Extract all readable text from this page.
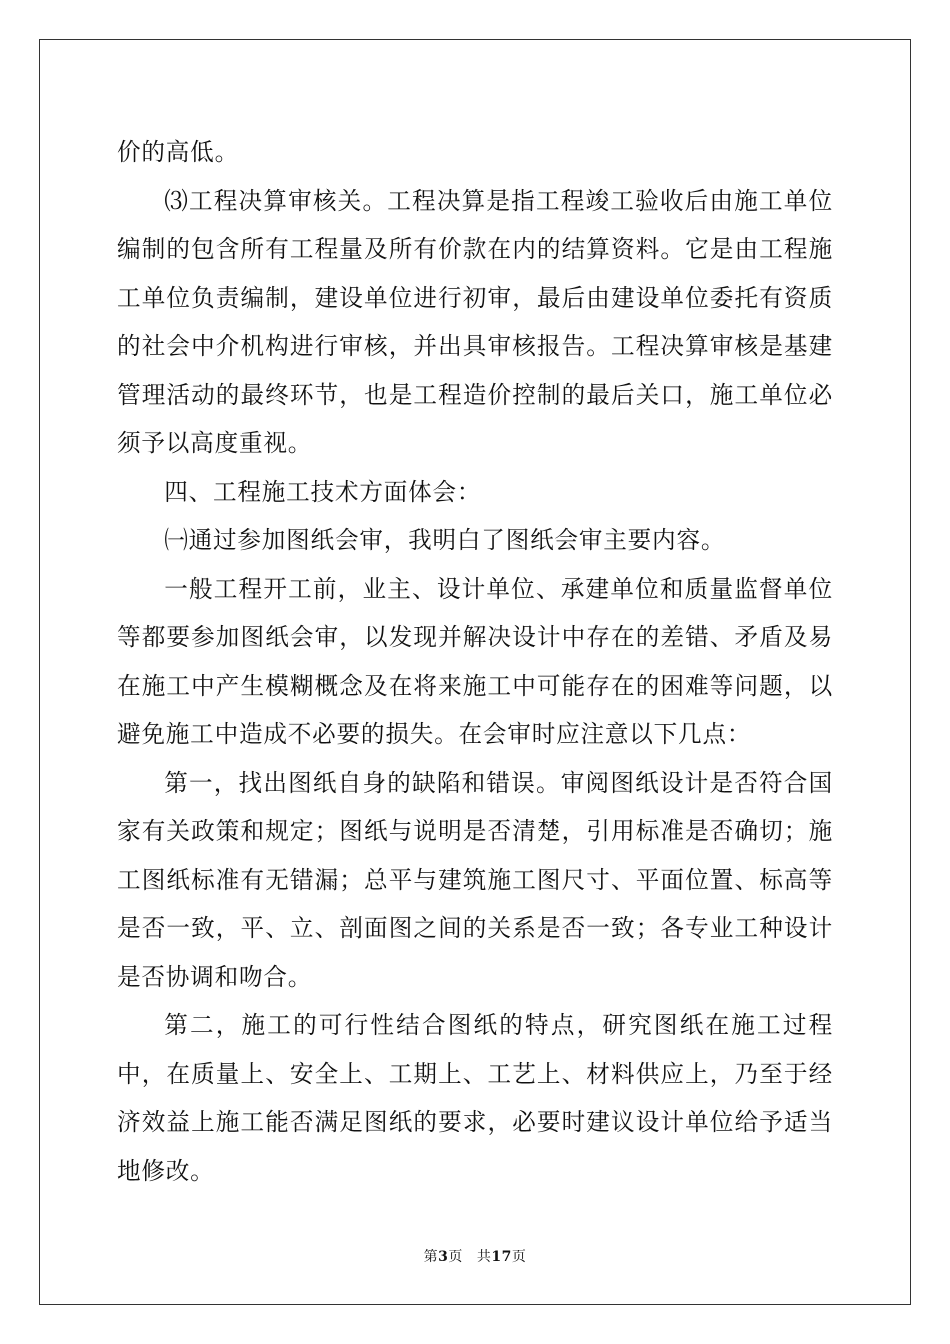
价的高低。

⑶工程决算审核关。工程决算是指工程竣工验收后由施工单位编制的包含所有工程量及所有价款在内的结算资料。它是由工程施工单位负责编制，建设单位进行初审，最后由建设单位委托有资质的社会中介机构进行审核，并出具审核报告。工程决算审核是基建管理活动的最终环节，也是工程造价控制的最后关口，施工单位必须予以高度重视。

四、工程施工技术方面体会：

㈠通过参加图纸会审，我明白了图纸会审主要内容。

一般工程开工前，业主、设计单位、承建单位和质量监督单位等都要参加图纸会审，以发现并解决设计中存在的差错、矛盾及易在施工中产生模糊概念及在将来施工中可能存在的困难等问题，以避免施工中造成不必要的损失。在会审时应注意以下几点：

第一，找出图纸自身的缺陷和错误。审阅图纸设计是否符合国家有关政策和规定；图纸与说明是否清楚，引用标准是否确切；施工图纸标准有无错漏；总平与建筑施工图尺寸、平面位置、标高等是否一致，平、立、剖面图之间的关系是否一致；各专业工种设计是否协调和吻合。

第二，施工的可行性结合图纸的特点，研究图纸在施工过程中，在质量上、安全上、工期上、工艺上、材料供应上，乃至于经济效益上施工能否满足图纸的要求，必要时建议设计单位给予适当地修改。

第3页 共17页
